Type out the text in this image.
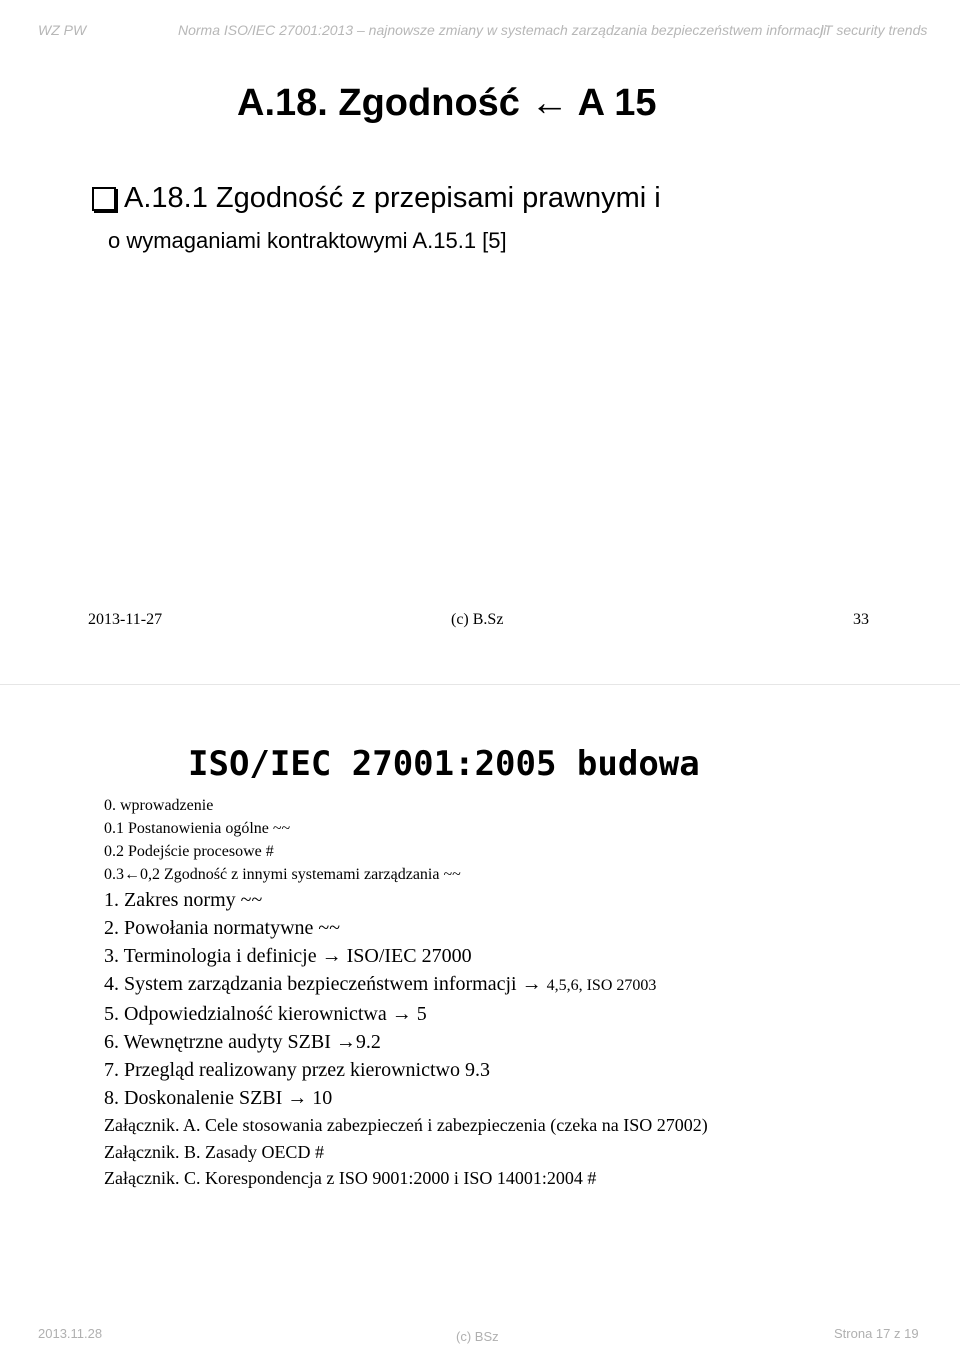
WZ PW	Norma ISO/IEC 27001:2013 – najnowsze zmiany w systemach zarządzania bezpieczeństwem informacji
IT security trends
A.18. Zgodność ← A 15
A.18.1 Zgodność z przepisami prawnymi i
o wymaganiami kontraktowymi A.15.1 [5]
2013-11-27	(c) B.Sz	33
ISO/IEC 27001:2005 budowa
0. wprowadzenie
0.1 Postanowienia ogólne ~~
0.2 Podejście procesowe #
0.3←0,2 Zgodność z innymi systemami zarządzania ~~
1. Zakres normy ~~
2. Powołania normatywne ~~
3. Terminologia i definicje → ISO/IEC 27000
4. System zarządzania bezpieczeństwem informacji → 4,5,6, ISO 27003
5. Odpowiedzialność kierownictwa → 5
6. Wewnętrzne audyty SZBI →9.2
7. Przegląd realizowany przez kierownictwo 9.3
8. Doskonalenie SZBI → 10
Załącznik. A. Cele stosowania zabezpieczeń i zabezpieczenia (czeka na ISO 27002)
Załącznik. B. Zasady OECD #
Załącznik. C. Korespondencja z ISO 9001:2000 i ISO 14001:2004 #
2013.11.28	(c) BSz	Strona 17 z 19
